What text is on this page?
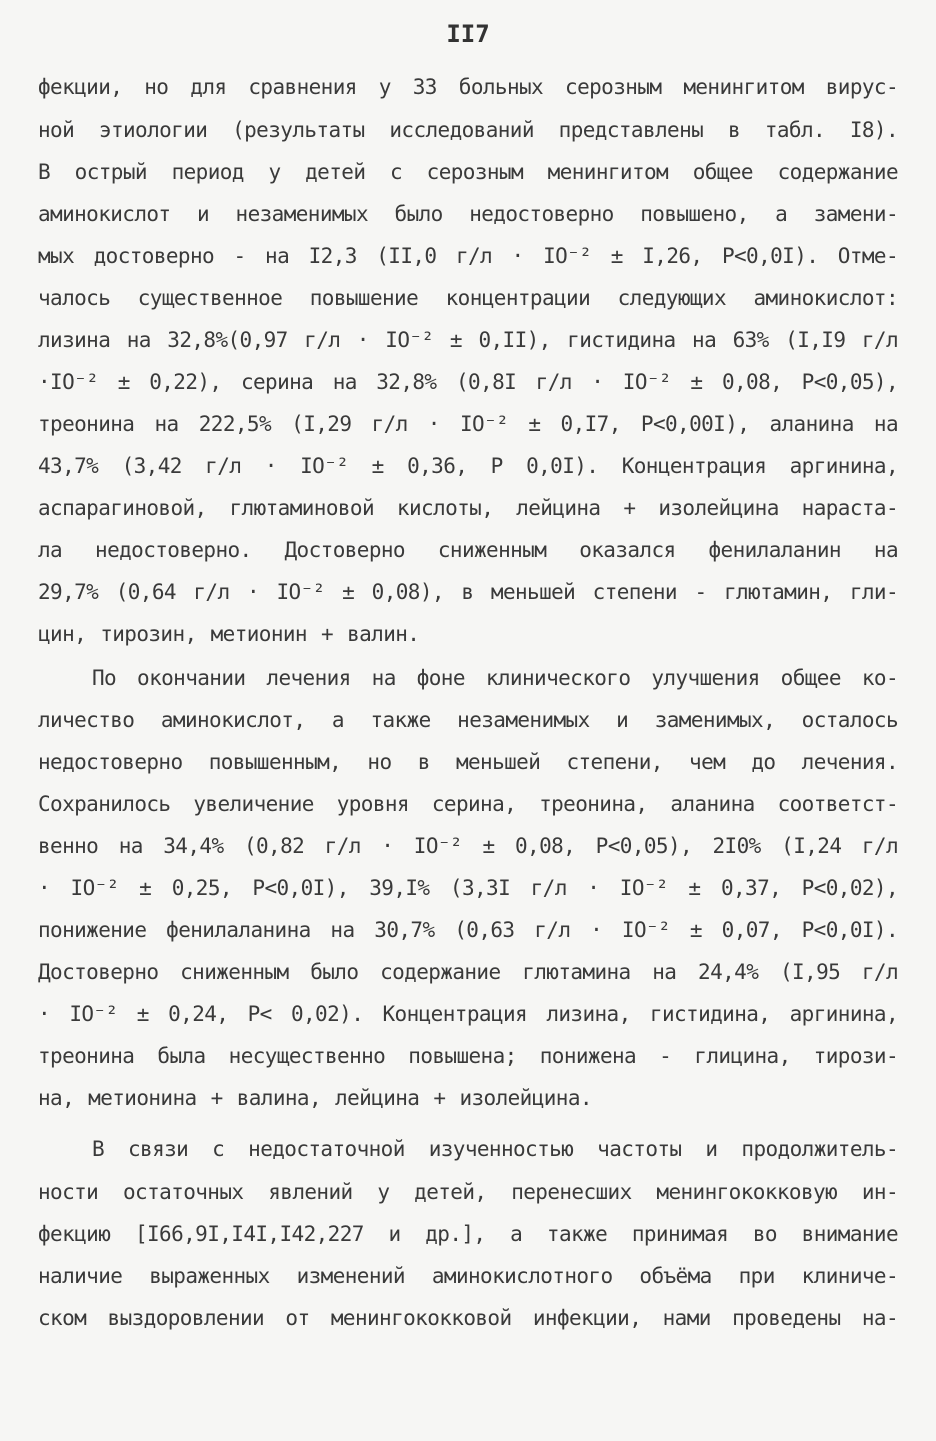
II7
фекции, но для сравнения у 33 больных серозным менингитом вирус-
ной этиологии (результаты исследований представлены в табл. I8).
В острый период у детей с серозным менингитом общее содержание
аминокислот и незаменимых было недостоверно повышено, а замени-
мых достоверно - на I2,3 (II,0 г/л · IO⁻² ± I,26, P<0,0I). Отме-
чалось существенное повышение концентрации следующих аминокислот:
лизина на 32,8%(0,97 г/л · IO⁻² ± 0,II), гистидина на 63% (I,I9 г/л
·IO⁻² ± 0,22), серина на 32,8% (0,8I г/л · IO⁻² ± 0,08, P<0,05),
треонина на 222,5% (I,29 г/л · IO⁻² ± 0,I7, P<0,00I), аланина на
43,7% (3,42 г/л · IO⁻² ± 0,36, P 0,0I). Концентрация аргинина,
аспарагиновой, глютаминовой кислоты, лейцина + изолейцина нараста-
ла недостоверно. Достоверно сниженным оказался фенилаланин на
29,7% (0,64 г/л · IO⁻² ± 0,08), в меньшей степени - глютамин, гли-
цин, тирозин, метионин + валин.
По окончании лечения на фоне клинического улучшения общее ко-
личество аминокислот, а также незаменимых и заменимых, осталось
недостоверно повышенным, но в меньшей степени, чем до лечения.
Сохранилось увеличение уровня серина, треонина, аланина соответст-
венно на 34,4% (0,82 г/л · IO⁻² ± 0,08, P<0,05), 2I0% (I,24 г/л
· IO⁻² ± 0,25, P<0,0I), 39,I% (3,3I г/л · IO⁻² ± 0,37, P<0,02),
понижение фенилаланина на 30,7% (0,63 г/л · IO⁻² ± 0,07, P<0,0I).
Достоверно сниженным было содержание глютамина на 24,4% (I,95 г/л
· IO⁻² ± 0,24, P< 0,02). Концентрация лизина, гистидина, аргинина,
треонина была несущественно повышена; понижена - глицина, тирози-
на, метионина + валина, лейцина + изолейцина.
В связи с недостаточной изученностью частоты и продолжитель-
ности остаточных явлений у детей, перенесших менингококковую ин-
фекцию [I66,9I,I4I,I42,227 и др.], а также принимая во внимание
наличие выраженных изменений аминокислотного объёма при клиниче-
ском выздоровлении от менингококковой инфекции, нами проведены на-
